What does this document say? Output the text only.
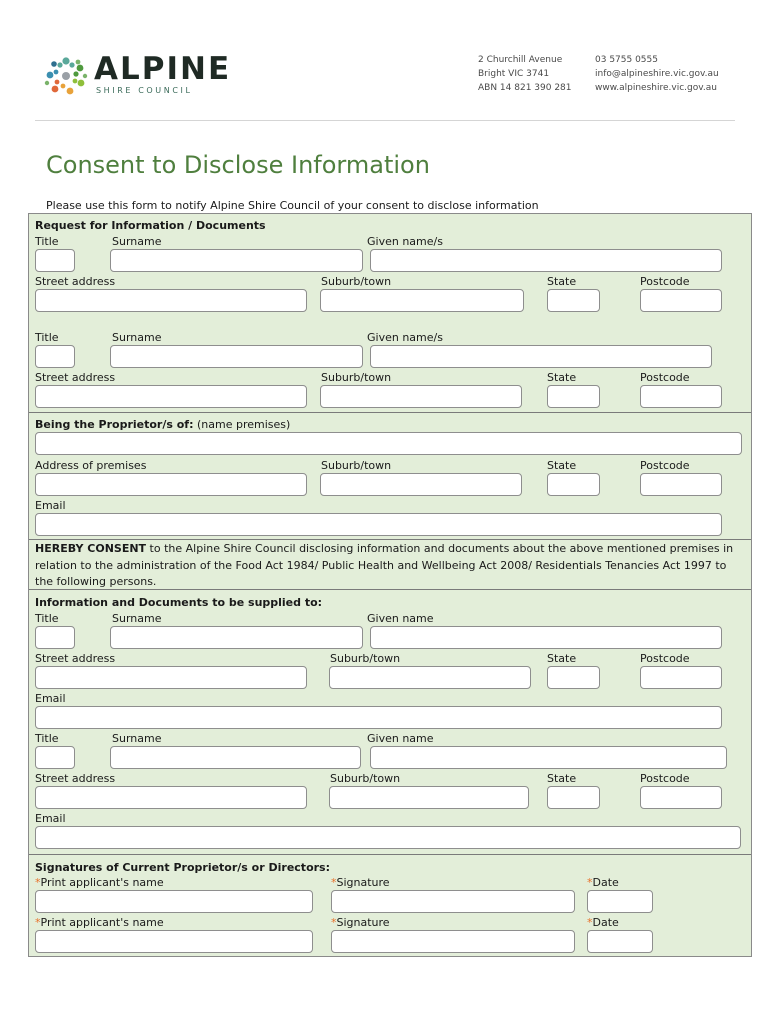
ALPINE
SHIRE COUNCIL
2 Churchill Avenue
Bright VIC 3741
ABN 14 821 390 281
03 5755 0555
info@alpineshire.vic.gov.au
www.alpineshire.vic.gov.au
Consent to Disclose Information
Please use this form to notify Alpine Shire Council of your consent to disclose information
Request for Information / Documents
Title	Surname	Given name/s
Street address	Suburb/town	State	Postcode
Title	Surname	Given name/s
Street address	Suburb/town	State	Postcode
Being the Proprietor/s of: (name premises)
Address of premises	Suburb/town	State	Postcode
Email
HEREBY CONSENT to the Alpine Shire Council disclosing information and documents about the above mentioned premises in relation to the administration of the Food Act 1984/ Public Health and Wellbeing Act 2008/ Residentials Tenancies Act 1997 to the following persons.
Information and Documents to be supplied to:
Title	Surname	Given name
Street address	Suburb/town	State	Postcode
Email
Title	Surname	Given name
Street address	Suburb/town	State	Postcode
Email
Signatures of Current Proprietor/s or Directors:
*Print applicant's name	*Signature	*Date
*Print applicant's name	*Signature	*Date
